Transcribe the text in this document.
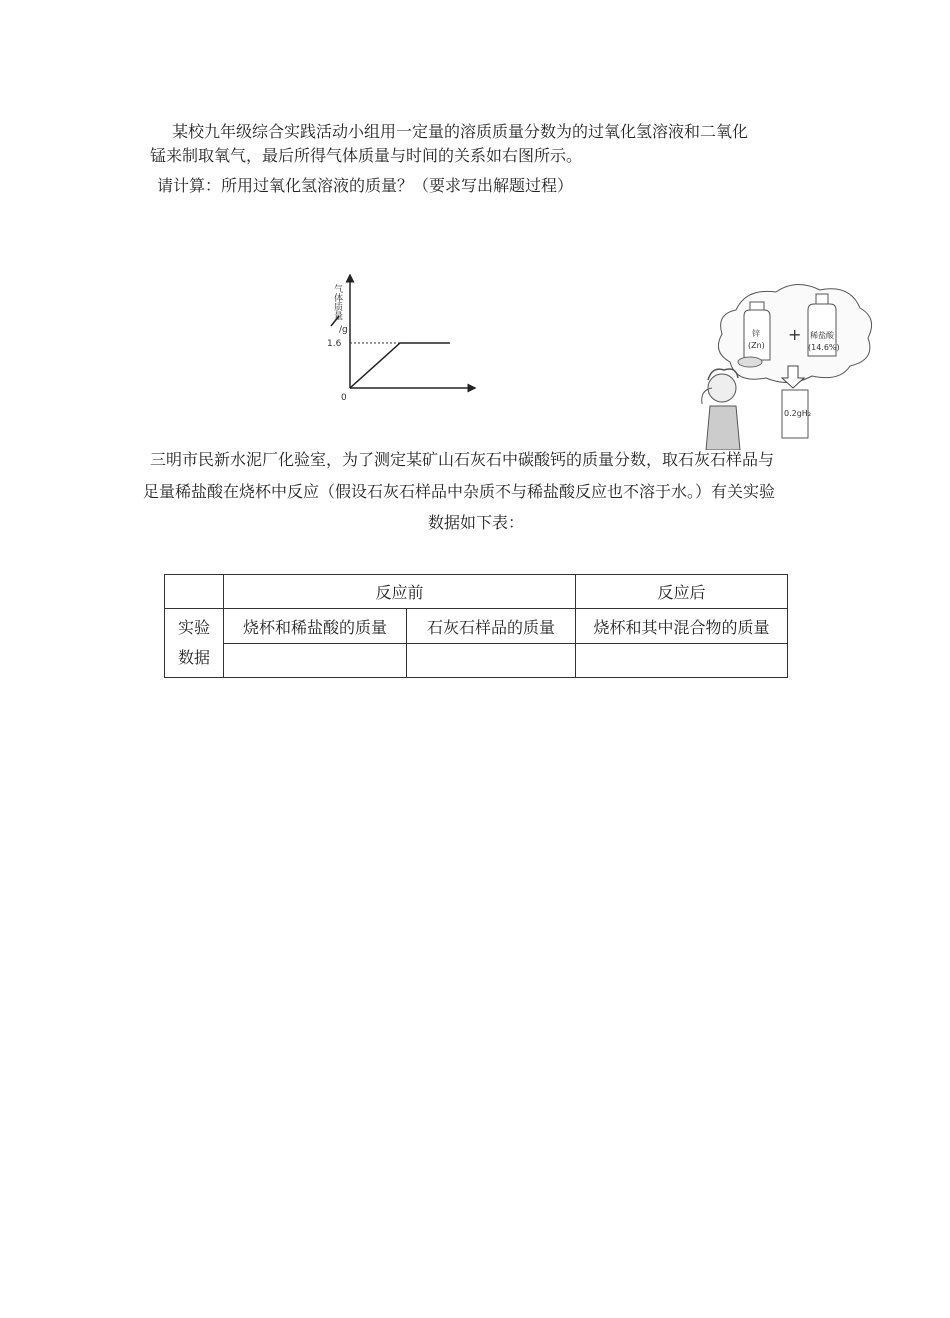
某校九年级综合实践活动小组用一定量的溶质质量分数为的过氧化氢溶液和二氧化
锰来制取氧气，最后所得气体质量与时间的关系如右图所示。
请计算：所用过氧化氢溶液的质量？（要求写出解题过程）
气体质量
/g
1.6
0
锌
(Zn)
+ 稀盐酸
(14.6%)
0.2gH₂
三明市民新水泥厂化验室，为了测定某矿山石灰石中碳酸钙的质量分数，取石灰石样品与
足量稀盐酸在烧杯中反应（假设石灰石样品中杂质不与稀盐酸反应也不溶于水。）有关实验
数据如下表：
	反应前		反应后

实验
数据	烧杯和稀盐酸的质量	石灰石样品的质量	烧杯和其中混合物的质量
